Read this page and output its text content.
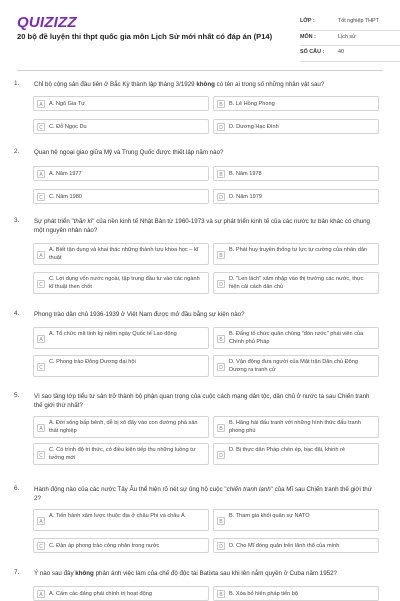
QUIZIZZ
20 bộ đề luyện thi thpt quốc gia môn Lịch Sử mới nhất có đáp án (P14)
LỚP :	Tốt nghiệp THPT
MÔN :	Lịch sử
SỐ CÂU :	40
1. Chỉ bộ cộng sản đầu tiên ở Bắc Kỳ thành lập tháng 3/1929 không có tên ai trong số những nhân vật sau?
A	A. Ngô Gia Tự	B	B. Lê Hồng Phong
C	C. Đỗ Ngọc Du	D	D. Dương Hạc Đính
2. Quan hệ ngoại giao giữa Mỹ và Trung Quốc được thiết lập năm nào?
A	A. Năm 1977	B	B. Năm 1978
C	C. Năm 1980	D	D. Năm 1979
3. Sự phát triển "thần kì" của nền kinh tế Nhật Bản từ 1960-1973 và sự phát triển kinh tế của các nước tư bản khác có chung một nguyên nhân nào?
A
A. Biết tận dụng và khai thác những thành tựu khoa học – kĩ thuật	B
B. Phát huy truyền thống tự lực tự cường của nhân dân
C
C. Lợi dụng vốn nước ngoài, tập trung đầu tư vào các ngành kĩ thuật then chốt	D
D. "Len lách" xâm nhập vào thị trường các nước, thực hiện cải cách dân chủ
4. Phong trào dân chủ 1936-1939 ở Việt Nam được mở đầu bằng sự kiện nào?
A
A. Tổ chức mít tinh kỷ niệm ngày Quốc tế Lao động
B
B. Đấng tố chức quân chúng "đón rước" phái viên của Chính phủ Pháp
C
C. Phong trào Đông Dương đại hội
D
D. Vận động đưa người của Mặt trận Dân chủ Đông Dương ra tranh cử
5. Vì sao tầng lớp tiểu tư sản trở thành bộ phận quan trọng của cuộc cách mạng dân tộc, dân chủ ở nước ta sau Chiến tranh thế giới thứ nhất?
A
A. Đời sống bấp bênh, dễ bị xô đẩy vào con đường phá sản thất nghiệp	B
B. Hăng hái đấu tranh với những hình thức đấu tranh phong phú
C
C. Có trình độ tri thức, có điều kiện tiếp thu những luồng tư tưởng mới	D
D. Bị thực dân Pháp chèn ép, bạc đãi, khinh rẻ
6. Hành động nào của các nước Tây Âu thể hiện rõ nét sự ủng hộ cuộc "chiến tranh lạnh" của Mĩ sau Chiến tranh thế giới thứ 2?
A
A. Tiến hành xâm lược thuộc địa ở châu Phi và châu Á
B
B. Tham gia khối quân sự NATO
C	C. Đàn áp phong trào công nhân trong nước	D	D. Cho Mĩ đóng quân trên lãnh thổ của mình
7. Ý nào sau đây không phản ánh việc làm của chế độ độc tài Batixta sau khi lên nắm quyền ở Cuba năm 1952?
A	A. Cấm các đảng phái chính trị hoạt động	B	B. Xóa bỏ hiến pháp tiến bộ
